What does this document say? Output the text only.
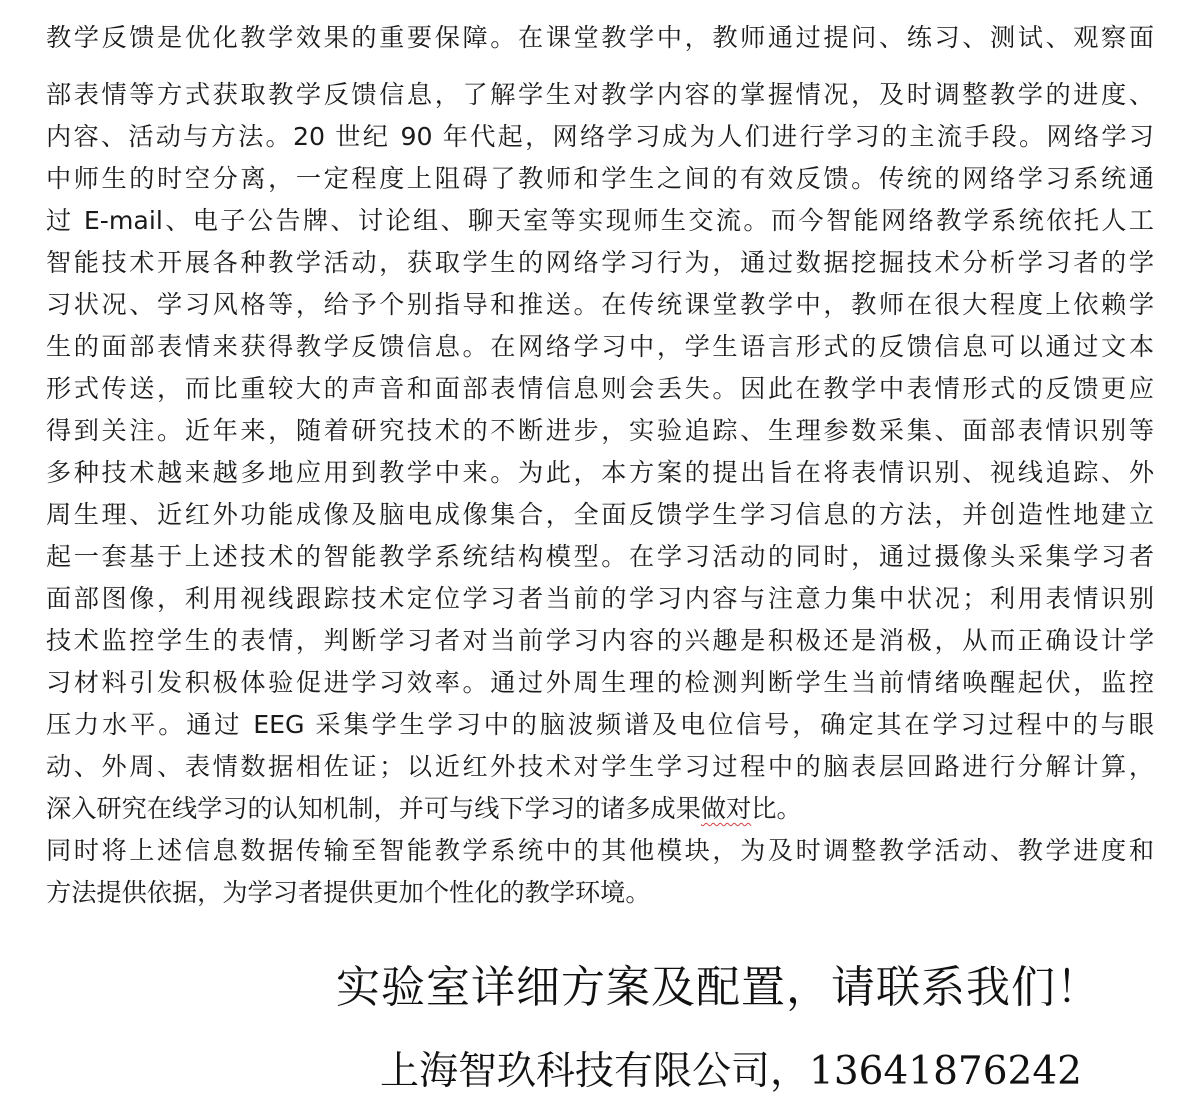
教学反馈是优化教学效果的重要保障。在课堂教学中，教师通过提问、练习、测试、观察面
部表情等方式获取教学反馈信息，了解学生对教学内容的掌握情况，及时调整教学的进度、
内容、活动与方法。20 世纪 90 年代起，网络学习成为人们进行学习的主流手段。网络学习
中师生的时空分离，一定程度上阻碍了教师和学生之间的有效反馈。传统的网络学习系统通
过 E-mail、电子公告牌、讨论组、聊天室等实现师生交流。而今智能网络教学系统依托人工
智能技术开展各种教学活动，获取学生的网络学习行为，通过数据挖掘技术分析学习者的学
习状况、学习风格等，给予个别指导和推送。在传统课堂教学中，教师在很大程度上依赖学
生的面部表情来获得教学反馈信息。在网络学习中，学生语言形式的反馈信息可以通过文本
形式传送，而比重较大的声音和面部表情信息则会丢失。因此在教学中表情形式的反馈更应
得到关注。近年来，随着研究技术的不断进步，实验追踪、生理参数采集、面部表情识别等
多种技术越来越多地应用到教学中来。为此，本方案的提出旨在将表情识别、视线追踪、外
周生理、近红外功能成像及脑电成像集合，全面反馈学生学习信息的方法，并创造性地建立
起一套基于上述技术的智能教学系统结构模型。在学习活动的同时，通过摄像头采集学习者
面部图像，利用视线跟踪技术定位学习者当前的学习内容与注意力集中状况；利用表情识别
技术监控学生的表情，判断学习者对当前学习内容的兴趣是积极还是消极，从而正确设计学
习材料引发积极体验促进学习效率。通过外周生理的检测判断学生当前情绪唤醒起伏，监控
压力水平。通过 EEG 采集学生学习中的脑波频谱及电位信号，确定其在学习过程中的与眼
动、外周、表情数据相佐证；以近红外技术对学生学习过程中的脑表层回路进行分解计算，
深入研究在线学习的认知机制，并可与线下学习的诸多成果做对比。
同时将上述信息数据传输至智能教学系统中的其他模块，为及时调整教学活动、教学进度和
方法提供依据，为学习者提供更加个性化的教学环境。
实验室详细方案及配置，请联系我们！
上海智玖科技有限公司，13641876242
